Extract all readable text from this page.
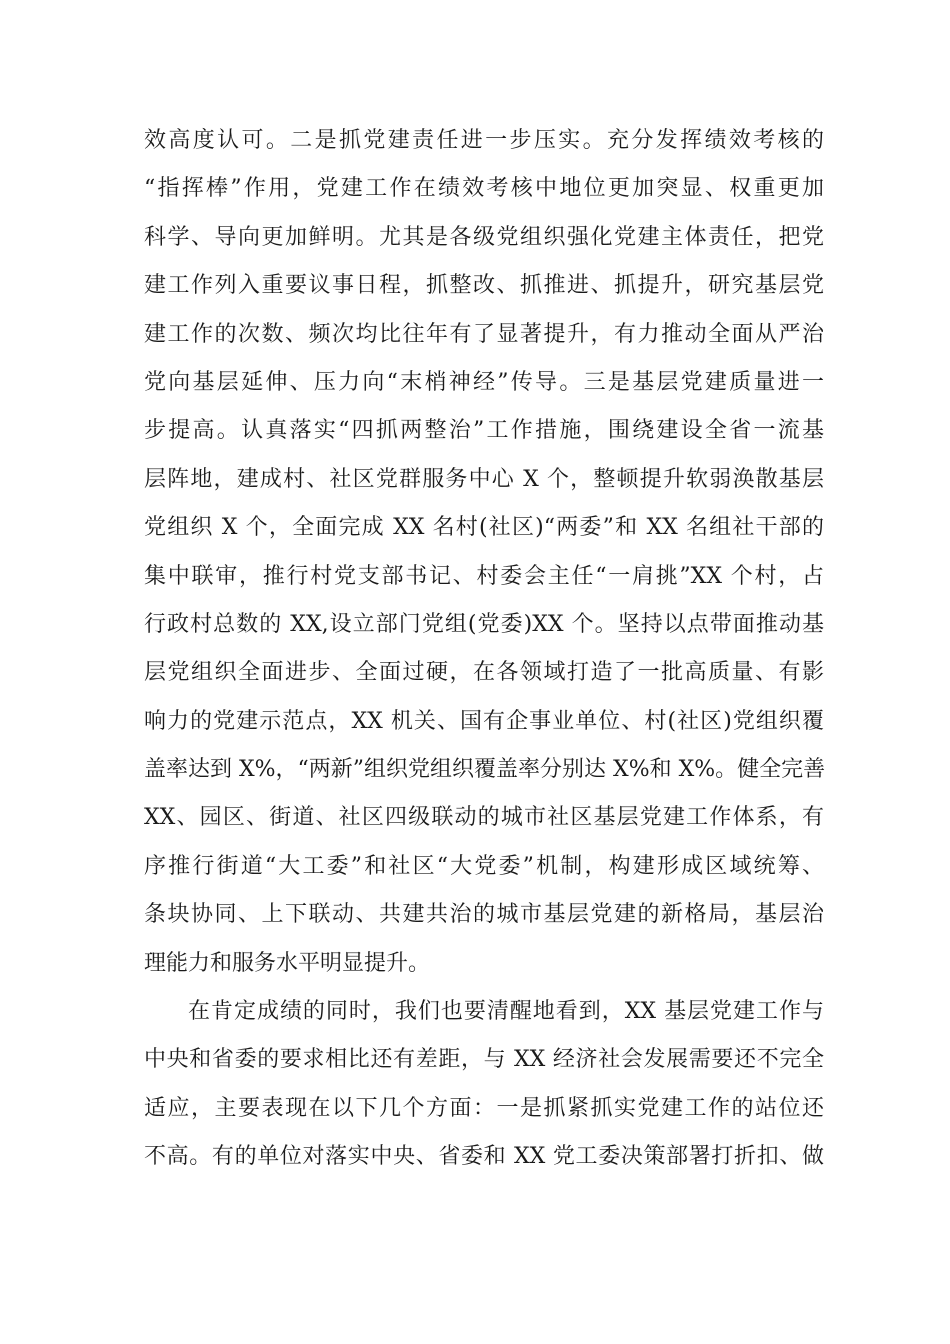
效高度认可。二是抓党建责任进一步压实。充分发挥绩效考核的
“指挥棒”作用，党建工作在绩效考核中地位更加突显、权重更加
科学、导向更加鲜明。尤其是各级党组织强化党建主体责任，把党
建工作列入重要议事日程，抓整改、抓推进、抓提升，研究基层党
建工作的次数、频次均比往年有了显著提升，有力推动全面从严治
党向基层延伸、压力向“末梢神经”传导。三是基层党建质量进一
步提高。认真落实“四抓两整治”工作措施，围绕建设全省一流基
层阵地，建成村、社区党群服务中心 X 个，整顿提升软弱涣散基层
党组织 X 个，全面完成 XX 名村(社区)“两委”和 XX 名组社干部的
集中联审，推行村党支部书记、村委会主任“一肩挑”XX 个村，占
行政村总数的 XX,设立部门党组(党委)XX 个。坚持以点带面推动基
层党组织全面进步、全面过硬，在各领域打造了一批高质量、有影
响力的党建示范点，XX 机关、国有企事业单位、村(社区)党组织覆
盖率达到 X%，“两新”组织党组织覆盖率分别达 X%和 X%。健全完善
XX、园区、街道、社区四级联动的城市社区基层党建工作体系，有
序推行街道“大工委”和社区“大党委”机制，构建形成区域统筹、
条块协同、上下联动、共建共治的城市基层党建的新格局，基层治
理能力和服务水平明显提升。
在肯定成绩的同时，我们也要清醒地看到，XX 基层党建工作与
中央和省委的要求相比还有差距，与 XX 经济社会发展需要还不完全
适应，主要表现在以下几个方面：一是抓紧抓实党建工作的站位还
不高。有的单位对落实中央、省委和 XX 党工委决策部署打折扣、做
